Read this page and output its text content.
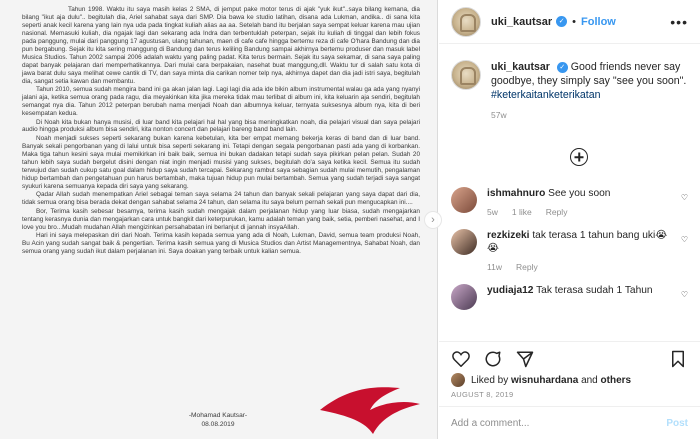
Tahun 1998. Waktu itu saya masih kelas 2 SMA, di jemput pake motor terus di ajak "yuk ikut"..saya bilang kemana, dia bilang "ikut aja dulu".. begitulah dia, Ariel sahabat saya dari SMP. Dia bawa ke studio latihan, disana ada Lukman, andika.. di sana kita seperti anak kecil karena yang lain nya uda pada tingkat kuliah alias aa aa. Setelah band itu berjalan saya sempat keluar karena mau ujian nasional. Memasuki kuliah, dia ngajak lagi dan sekarang ada Indra dan terbentuklah peterpan, sejak itu kuliah di tinggal dan lebih fokus pada panggung, mulai dari panggung 17 agustusan, ulang tahunan, maen di cafe cafe hingga bertemu reza di cafe O'hara Bandung dan dia pun bergabung. Sejak itu kita sering manggung di Bandung dan terus keliling Bandung sampai akhirnya bertemu produser dan masuk label Musica Studios. Tahun 2002 sampai 2006 adalah waktu yang paling padat. Kita terus bermain. Sejak itu saya sekamar, di sana saya paling dapat banyak pelajaran dari memperhatikannya. Dari mulai cara berpakaian, nasehat buat manggung,dll. Waktu tur di salah satu kota di jawa barat dulu saya melihat cewe cantik di TV, dan saya minta dia carikan nomer telp nya, akhirnya dapet dan dia jadi istri saya, begitulah dia, sangat setia kawan dan membantu.

Tahun 2010, semua sudah mengira band ini ga akan jalan lagi. Lagi lagi dia ada ide bikin album instrumental walau ga ada yang nyanyi jalani aja, ketika semua orang pada ragu, dia meyakinkan kita jika mereka tidak mau terlibat di album ini, kita keluarin aja sendiri, begitulah semangat nya dia. Tahun 2012 peterpan berubah nama menjadi Noah dan albumnya keluar, ternyata suksesnya album nya, kita di beri kesempatan kedua.

Di Noah kita bukan hanya musisi, di luar band kita pelajari hal hal yang bisa meningkatkan noah, dia pelajari visual dan saya pelajari audio hingga produksi album bisa sendiri, kita nonton concert dan pelajari bareng band band lain.

Noah menjadi sukses seperti sekarang bukan karena kebetulan, kita ber empat memang bekerja keras di band dan di luar band. Banyak sekali pengorbanan yang di lalui untuk bisa seperti sekarang ini. Tetapi dengan segala pengorbanan pasti ada yang di korbankan. Maka tiga tahun kesini saya mulai memikirkan ini baik baik, semua ini bukan dadakan tetapi sudah saya pikirkan pelan pelan. Sudah 20 tahun lebih saya sudah bergelut disini dengan niat ingin menjadi musisi yang sukses, begitulah do'a saya ketika kecil. Semua itu sudah terwujud dan sudah cukup satu goal dalam hidup saya sudah tercapai. Sekarang rambut saya sebagian sudah mulai memutih, pengalaman hidup bertambah dan pengetahuan pun harus bertambah, maka tujuan hidup pun mulai bertambah. Semua yang sudah terjadi saya sangat syukuri karena semuanya kepada diri saya yang sekarang.

Qadar Allah sudah menempatkan Ariel sebagai teman saya selama 24 tahun dan banyak sekali pelajaran yang saya dapat dari dia, tidak semua orang bisa berada dekat dengan sahabat selama 24 tahun, dan selama itu saya belum pernah sekali pun mengucapkan ini....

Bor, Terima kasih sebesar besarnya, terima kasih sudah mengajak dalam perjalanan hidup yang luar biasa, sudah mengajarkan tentang kerasnya dunia dan mengajarkan cara untuk bangkit dari keterpurukan, kamu adalah teman yang baik, setia, pemberi nasehat, and I love you bro...Mudah mudahan Allah mengizinkan persahabatan ini berlanjut di jannah insyaAllah.

Hari ini saya melepaskan diri dari Noah. Terima kasih kepada semua yang ada di Noah, Lukman, David, semua team produksi Noah, Bu Acin yang sudah sangat baik & pengertian. Terima kasih semua yang di Musica Studios dan Artist Managementnya, Sahabat Noah, dan semua orang yang sudah ikut dalam perjalanan ini. Saya doakan yang terbaik untuk kalian semua.

-Mohamad Kautsar-
08.08.2019
›
uki_kautsar ✓ • Follow	•••
uki_kautsar ✓ Good friends never say goodbye, they simply say "see you soon". #keterkaitanketerikatan
57w
ishmahnuro See you soon
5w 1 like Reply
♡
rezkizeki tak terasa 1 tahun bang uki😭😭
11w Reply
♡
yudiaja12 Tak terasa sudah 1 Tahun	♡
Liked by
wisnuhardana
and
others
AUGUST 8, 2019
Add a comment...	Post
